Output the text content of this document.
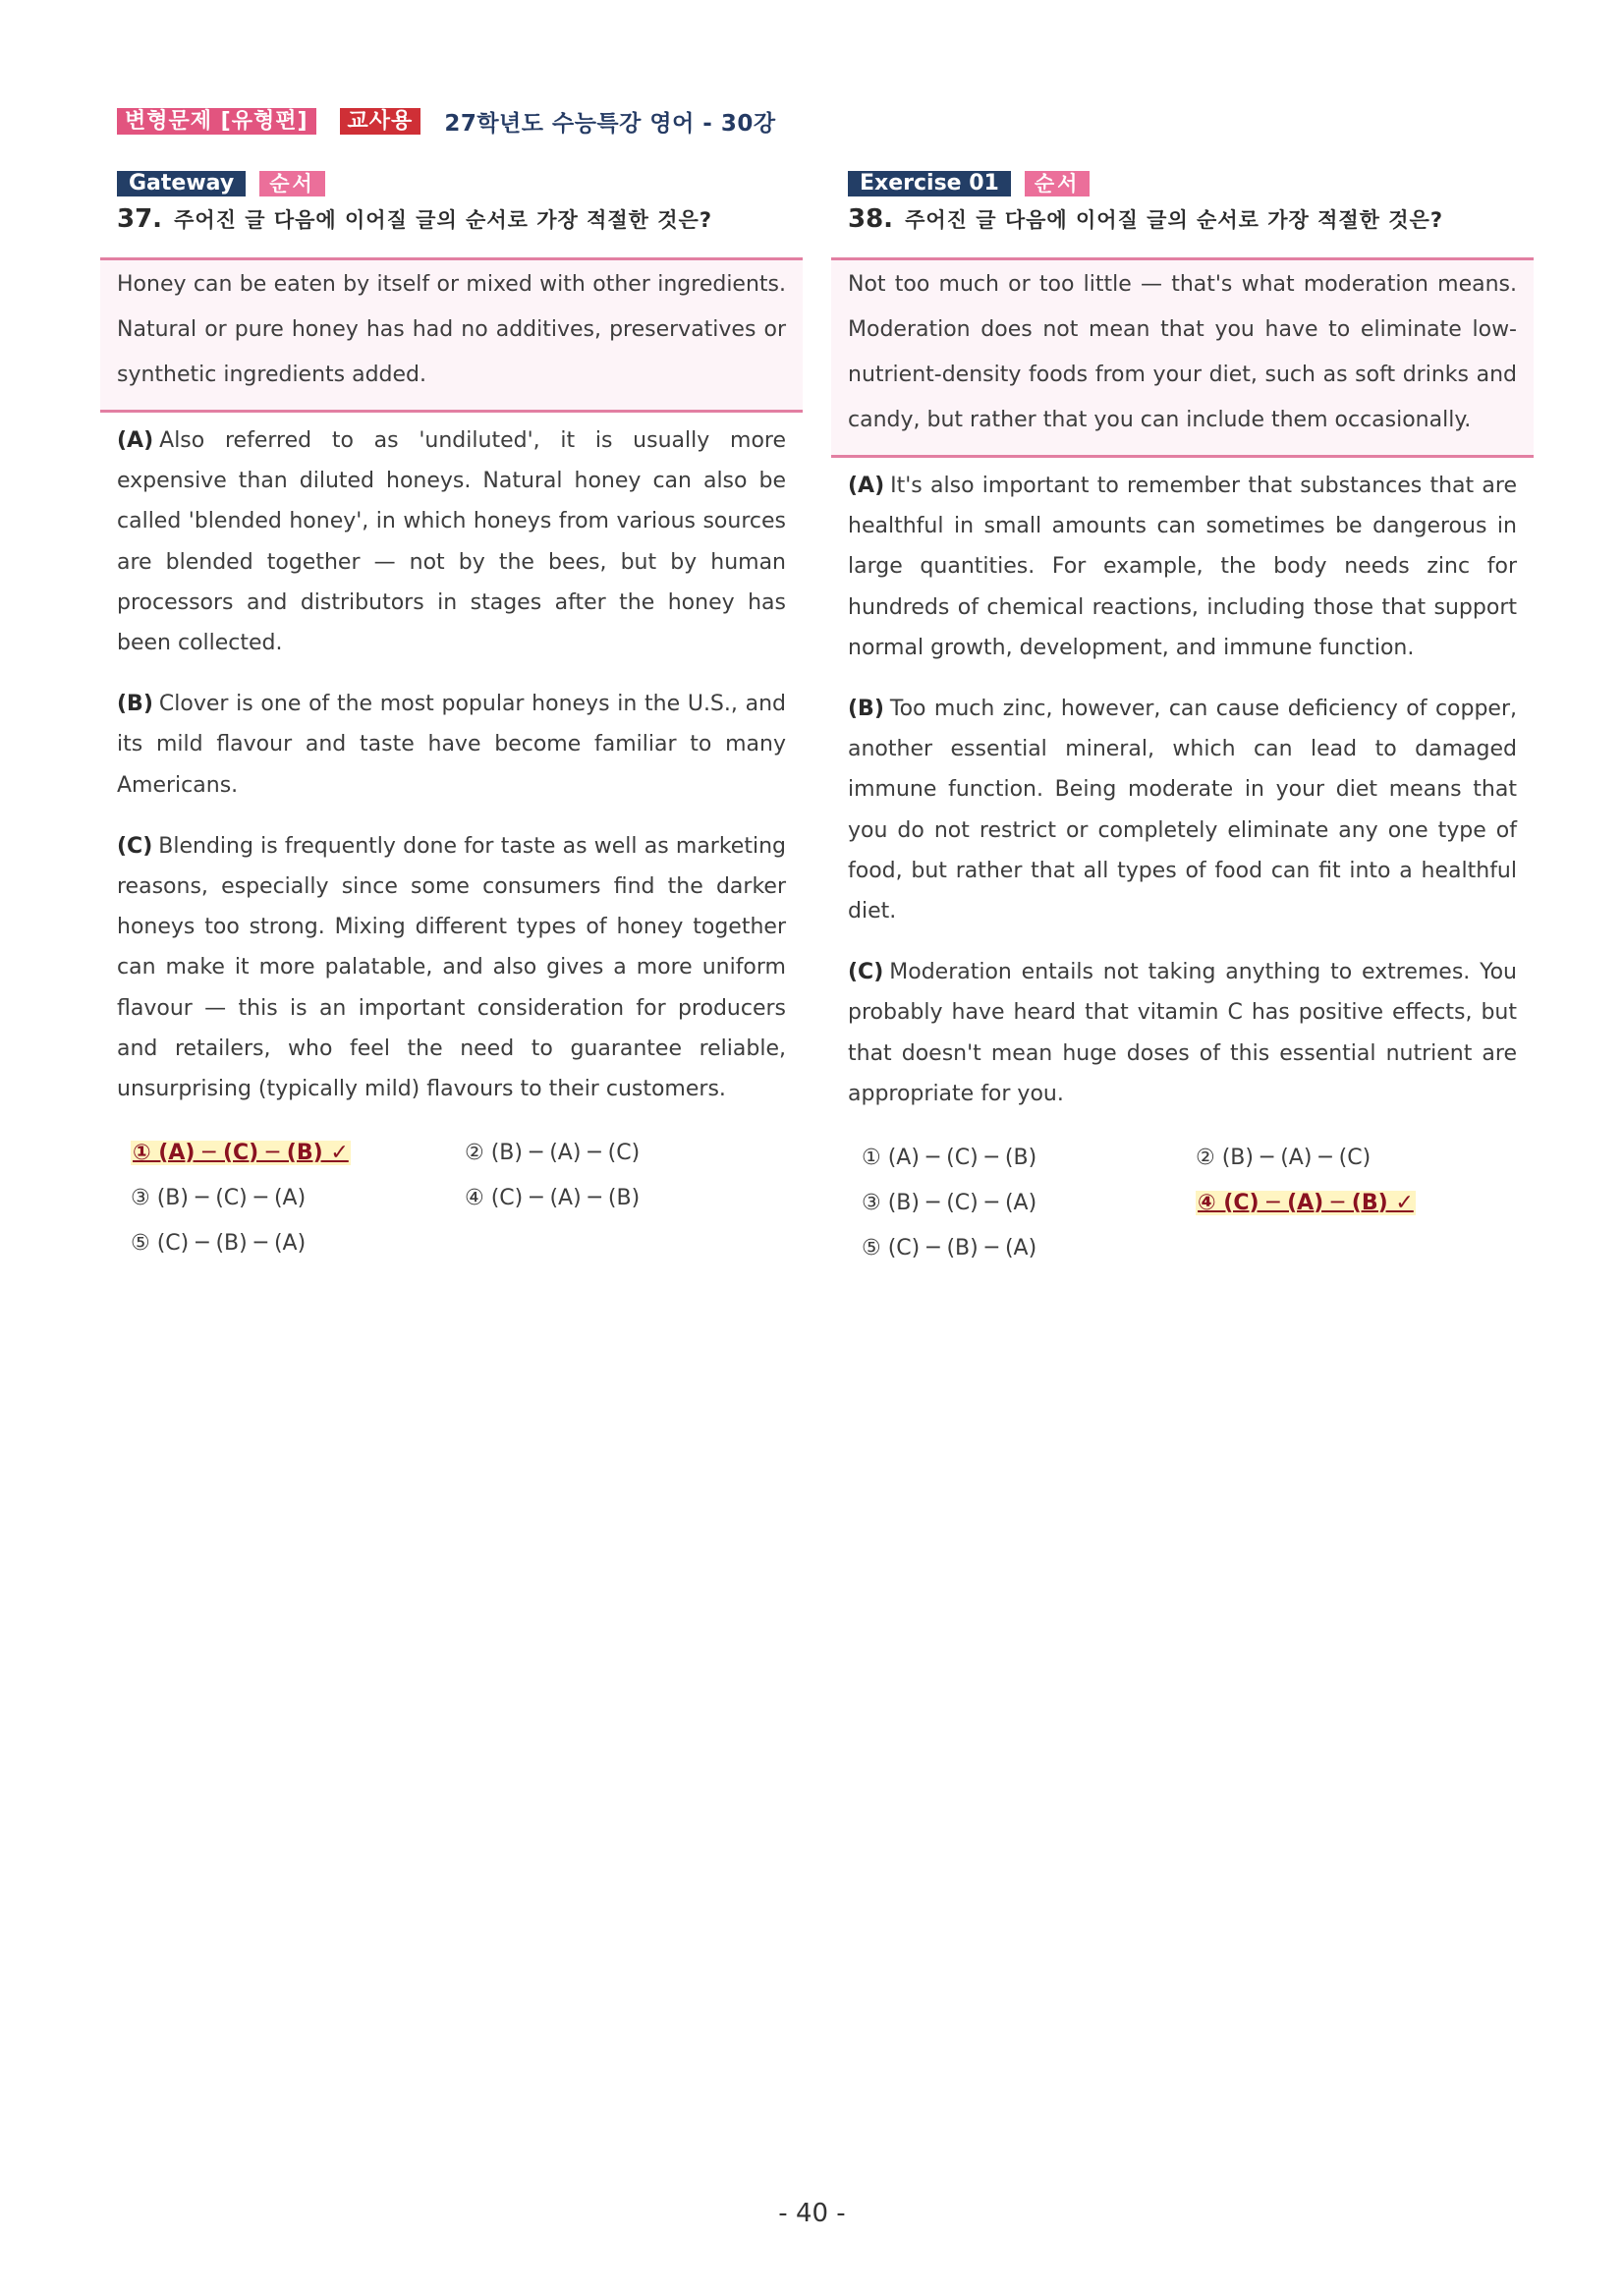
변형문제 [유형편]	교사용	27학년도 수능특강 영어 - 30강
Gateway	순서
37. 주어진 글 다음에 이어질 글의 순서로 가장 적절한 것은?

Honey can be eaten by itself or mixed with other ingredients. Natural or pure honey has had no additives, preservatives or synthetic ingredients added.

(A) Also referred to as 'undiluted', it is usually more expensive than diluted honeys. Natural honey can also be called 'blended honey', in which honeys from various sources are blended together — not by the bees, but by human processors and distributors in stages after the honey has been collected.

(B) Clover is one of the most popular honeys in the U.S., and its mild flavour and taste have become familiar to many Americans.

(C) Blending is frequently done for taste as well as marketing reasons, especially since some consumers find the darker honeys too strong. Mixing different types of honey together can make it more palatable, and also gives a more uniform flavour — this is an important consideration for producers and retailers, who feel the need to guarantee reliable, unsurprising (typically mild) flavours to their customers.

① (A) ─ (C) ─ (B) ✓	② (B) ─ (A) ─ (C)
③ (B) ─ (C) ─ (A)	④ (C) ─ (A) ─ (B)
⑤ (C) ─ (B) ─ (A)
Exercise 01	순서
38. 주어진 글 다음에 이어질 글의 순서로 가장 적절한 것은?

Not too much or too little — that's what moderation means. Moderation does not mean that you have to eliminate low-nutrient-density foods from your diet, such as soft drinks and candy, but rather that you can include them occasionally.

(A) It's also important to remember that substances that are healthful in small amounts can sometimes be dangerous in large quantities. For example, the body needs zinc for hundreds of chemical reactions, including those that support normal growth, development, and immune function.

(B) Too much zinc, however, can cause deficiency of copper, another essential mineral, which can lead to damaged immune function. Being moderate in your diet means that you do not restrict or completely eliminate any one type of food, but rather that all types of food can fit into a healthful diet.

(C) Moderation entails not taking anything to extremes. You probably have heard that vitamin C has positive effects, but that doesn't mean huge doses of this essential nutrient are appropriate for you.

① (A) ─ (C) ─ (B)	② (B) ─ (A) ─ (C)
③ (B) ─ (C) ─ (A)	④ (C) ─ (A) ─ (B) ✓
⑤ (C) ─ (B) ─ (A)
- 40 -
